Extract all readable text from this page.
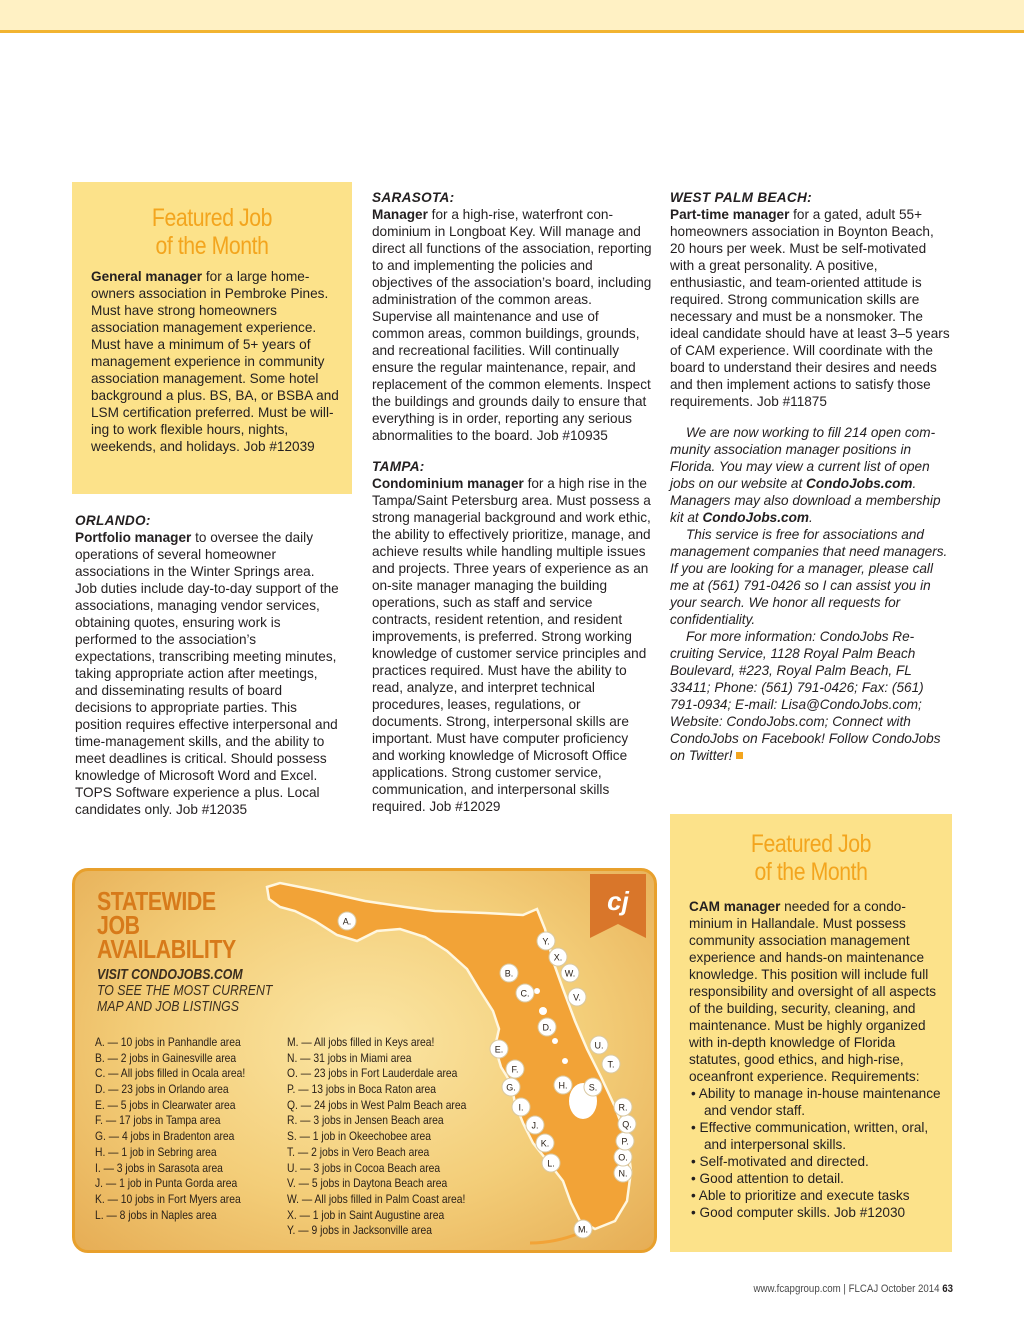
Featured Job
of the Month
General manager for a large homeowners association in Pembroke Pines. Must have strong homeowners association management experience. Must have a minimum of 5+ years of management experience in community association management. Some hotel background a plus. BS, BA, or BSBA and LSM certification preferred. Must be willing to work flexible hours, nights, weekends, and holidays. Job #12039
ORLANDO:

Portfolio manager to oversee the daily operations of several homeowner associations in the Winter Springs area. Job duties include day-to-day support of the associations, managing vendor services, obtaining quotes, ensuring work is performed to the association’s expectations, transcribing meeting minutes, taking appropriate action after meetings, and disseminating results of board decisions to appropriate parties. This position requires effective interpersonal and time-management skills, and the ability to meet deadlines is critical. Should possess knowledge of Microsoft Word and Excel. TOPS Software experience a plus. Local candidates only. Job #12035

SARASOTA:

Manager for a high-rise, waterfront condominium in Longboat Key. Will manage and direct all functions of the association, reporting to and implementing the policies and objectives of the association’s board, including administration of the common areas. Supervise all maintenance and use of common areas, common buildings, grounds, and recreational facilities. Will continually ensure the regular maintenance, repair, and replacement of the common elements. Inspect the buildings and grounds daily to ensure that everything is in order, reporting any serious abnormalities to the board. Job #10935

TAMPA:

Condominium manager for a high rise in the Tampa/Saint Petersburg area. Must possess a strong managerial background and work ethic, the ability to effectively prioritize, manage, and achieve results while handling multiple issues and projects. Three years of experience as an on-site manager managing the building operations, such as staff and service contracts, resident retention, and resident improvements, is preferred. Strong working knowledge of customer service principles and practices required. Must have the ability to read, analyze, and interpret technical procedures, leases, regulations, or documents. Strong, interpersonal skills are important. Must have computer proficiency and working knowledge of Microsoft Office applications. Strong customer service, communication, and interpersonal skills required. Job #12029

WEST PALM BEACH:

Part-time manager for a gated, adult 55+ homeowners association in Boynton Beach, 20 hours per week. Must be self-motivated with a great personality. A positive, enthusiastic, and team-oriented attitude is required. Strong communication skills are necessary and must be a nonsmoker. The ideal candidate should have at least 3–5 years of CAM experience. Will coordinate with the board to understand their desires and needs and then implement actions to satisfy those requirements. Job #11875

We are now working to fill 214 open community association manager positions in Florida. You may view a current list of open jobs on our website at CondoJobs.com. Managers may also download a membership kit at CondoJobs.com.

This service is free for associations and management companies that need managers. If you are looking for a manager, please call me at (561) 791-0426 so I can assist you in your search. We honor all requests for confidentiality.

For more information: CondoJobs Recruiting Service, 1128 Royal Palm Beach Boulevard, #223, Royal Palm Beach, FL 33411; Phone: (561) 791-0426; Fax: (561) 791-0934; E-mail: Lisa@CondoJobs.com; Website: CondoJobs.com; Connect with CondoJobs on Facebook! Follow CondoJobs on Twitter!

Featured Job
of the Month
CAM manager needed for a condominium in Hallandale. Must possess community association management experience and hands-on maintenance knowledge. This position will include full responsibility and oversight of all aspects of the building, security, cleaning, and maintenance. Must be highly organized with in-depth knowledge of Florida statutes, good ethics, and high-rise, oceanfront experience. Requirements:
• Ability to manage in-house maintenance and vendor staff.
• Effective communication, written, oral, and interpersonal skills.
• Self-motivated and directed.
• Good attention to detail.
• Able to prioritize and execute tasks
• Good computer skills. Job #12030
A.
B.
C.
D.
E.
F.
G.	H.
I.
J.
K.
L.
M.
N.
O.
P.
Q.
R.
S.
T.
U.
V.
W.
X.
Y.
STATEWIDE
JOB
AVAILABILITY
VISIT CONDOJOBS.COM
TO SEE THE MOST CURRENT
MAP AND JOB LISTINGS
A. — 10 jobs in Panhandle area
B. — 2 jobs in Gainesville area
C. — All jobs filled in Ocala area!
D. — 23 jobs in Orlando area
E. — 5 jobs in Clearwater area
F. — 17 jobs in Tampa area
G. — 4 jobs in Bradenton area
H. — 1 job in Sebring area
I. — 3 jobs in Sarasota area
J. — 1 job in Punta Gorda area
K. — 10 jobs in Fort Myers area
L. — 8 jobs in Naples area
M. — All jobs filled in Keys area!
N. — 31 jobs in Miami area
O. — 23 jobs in Fort Lauderdale area
P. — 13 jobs in Boca Raton area
Q. — 24 jobs in West Palm Beach area
R. — 3 jobs in Jensen Beach area
S. — 1 job in Okeechobee area
T. — 2 jobs in Vero Beach area
U. — 3 jobs in Cocoa Beach area
V. — 5 jobs in Daytona Beach area
W. — All jobs filled in Palm Coast area!
X. — 1 job in Saint Augustine area
Y. — 9 jobs in Jacksonville area
cj
www.fcapgroup.com | FLCAJ October 2014 63
